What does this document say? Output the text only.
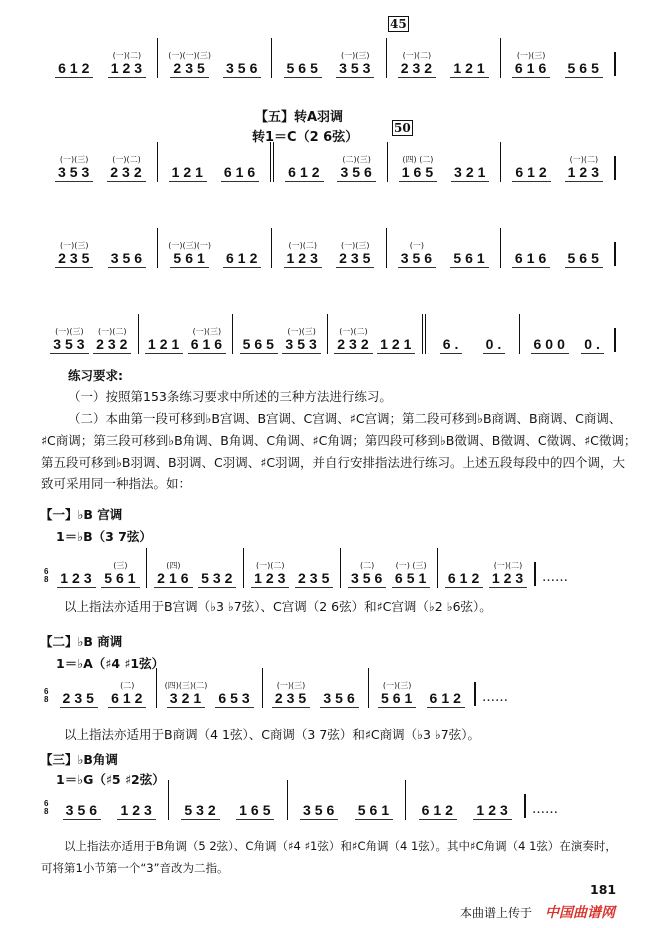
【五】转A羽调
转1＝C（2 6弦）
练习要求:
（一）按照第153条练习要求中所述的三种方法进行练习。
（二）本曲第一段可移到♭B宫调、B宫调、C宫调、♯C宫调；第二段可移到♭B商调、B商调、C商调、
♯C商调；第三段可移到♭B角调、B角调、C角调、♯C角调；第四段可移到♭B徵调、B徵调、C徵调、♯C徵调；
第五段可移到♭B羽调、B羽调、C羽调、♯C羽调，并自行安排指法进行练习。上述五段每段中的四个调，大
致可采用同一种指法。如：
【一】♭B 宫调
1＝♭B（3 7弦）
以上指法亦适用于B宫调（♭3 ♭7弦）、C宫调（2 6弦）和♯C宫调（♭2 ♭6弦）。
【二】♭B 商调
1＝♭A（♯4 ♯1弦）
以上指法亦适用于B商调（4 1弦）、C商调（3 7弦）和♯C商调（♭3 ♭7弦）。
【三】♭B角调
1＝♭G（♯5 ♯2弦）
以上指法亦适用于B角调（5 2弦）、C角调（♯4 ♯1弦）和♯C角调（4 1弦）。其中♯C角调（4 1弦）在演奏时，
可将第1小节第一个“3”音改为二指。
181
本曲谱上传于 中国曲谱网
612
(一)(二)
123
(一)(一)(三)
235 356 565
(一)(三)
353
(一)(二)
232 121
(一)(三)
616 565
45
(一)(三)
353
(一)(二)
232 121 616 612
(二)(三)
356
(四) (二)
165 321 612
(一)(二)
123
50
(一)(三)
235 356
(一)(三)(一)
561 612
(一)(二)
123
(一)(三)
235
(一)
356 561 616 565
(一)(三)
353
(一)(二)
232 121
(一)(三)
616 565
(一)(三)
353
(一)(二)
232 121 6. 0. 600 0.
6
8 123
(三)
561
(四)
216 532
(一)(二)
123 235
(二)
356
(一) (三)
651 612
(一)(二)
123	……
6
8 235
(二)
612
(四)(三)(二)
321 653
(一)(三)
235 356
(一)(三)
561 612	……
6
8 356 123 532 165 356 561 612 123	……
